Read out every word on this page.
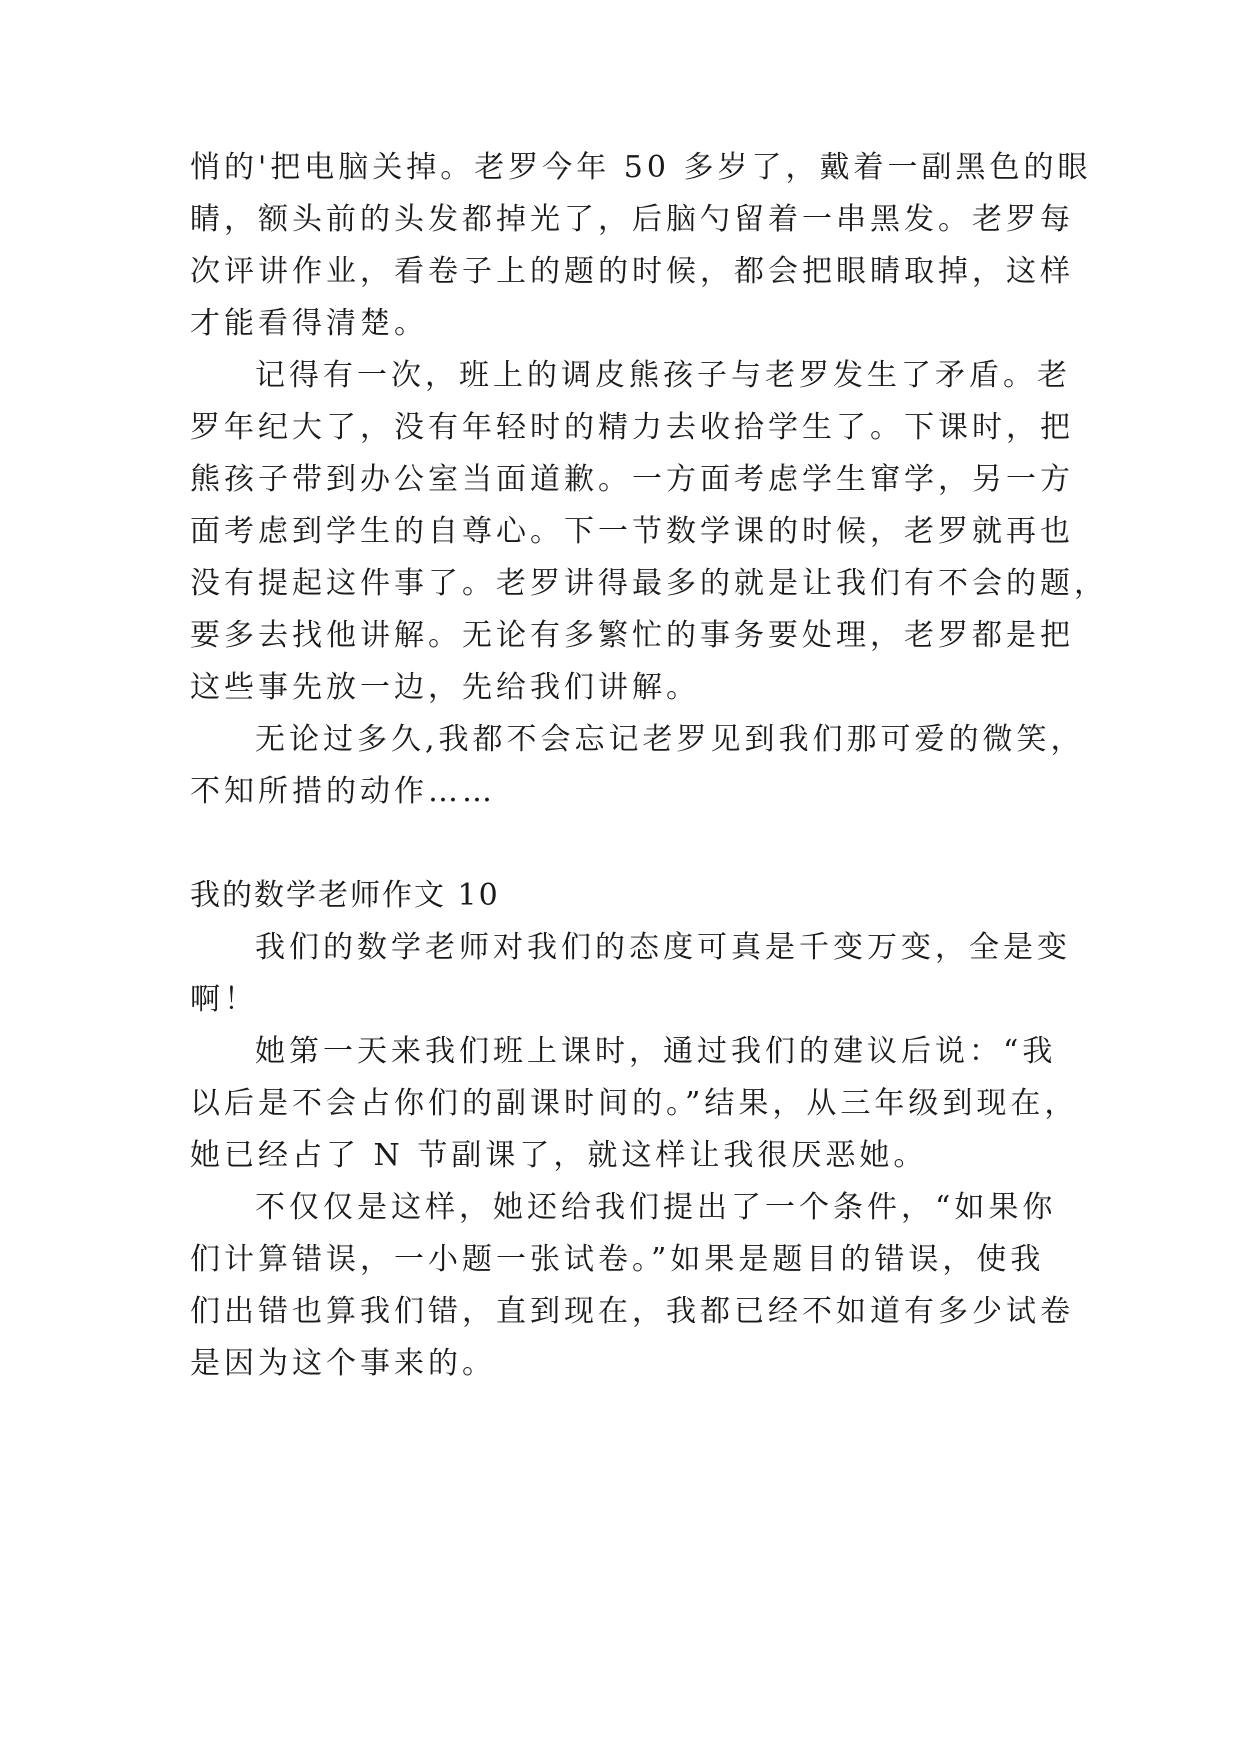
悄的'把电脑关掉。老罗今年 50 多岁了，戴着一副黑色的眼
睛，额头前的头发都掉光了，后脑勺留着一串黑发。老罗每
次评讲作业，看卷子上的题的时候，都会把眼睛取掉，这样
才能看得清楚。
记得有一次，班上的调皮熊孩子与老罗发生了矛盾。老
罗年纪大了，没有年轻时的精力去收拾学生了。下课时，把
熊孩子带到办公室当面道歉。一方面考虑学生窜学，另一方
面考虑到学生的自尊心。下一节数学课的时候，老罗就再也
没有提起这件事了。老罗讲得最多的就是让我们有不会的题，
要多去找他讲解。无论有多繁忙的事务要处理，老罗都是把
这些事先放一边，先给我们讲解。
无论过多久,我都不会忘记老罗见到我们那可爱的微笑，
不知所措的动作……
我的数学老师作文 10
我们的数学老师对我们的态度可真是千变万变，全是变
啊！
她第一天来我们班上课时，通过我们的建议后说：“我
以后是不会占你们的副课时间的。”结果，从三年级到现在，
她已经占了 N 节副课了，就这样让我很厌恶她。
不仅仅是这样，她还给我们提出了一个条件，“如果你
们计算错误，一小题一张试卷。”如果是题目的错误，使我
们出错也算我们错，直到现在，我都已经不如道有多少试卷
是因为这个事来的。
